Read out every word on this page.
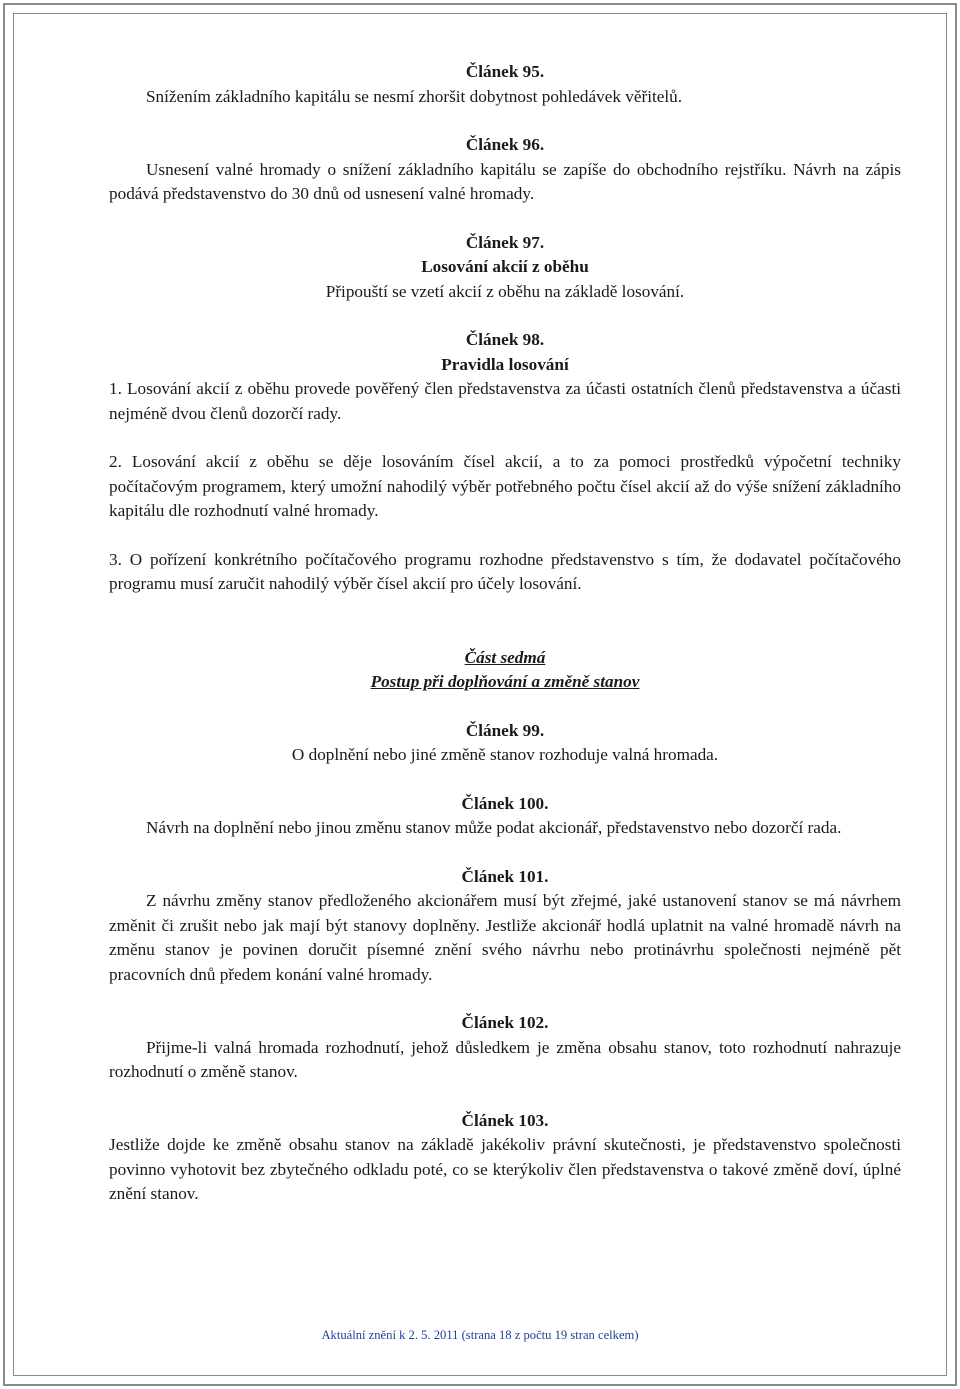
Článek 95.

Snížením základního kapitálu se nesmí zhoršit dobytnost pohledávek věřitelů.

Článek 96.

Usnesení valné hromady o snížení základního kapitálu se zapíše do obchodního rejstříku. Návrh na zápis podává představenstvo do 30 dnů od usnesení valné hromady.

Článek 97.
Losování akcií z oběhu
Připouští se vzetí akcií z oběhu na základě losování.
Článek 98.
Pravidla losování

1. Losování akcií z oběhu provede pověřený člen představenstva za účasti ostatních členů představenstva a účasti nejméně dvou členů dozorčí rady.

2. Losování akcií z oběhu se děje losováním čísel akcií, a to za pomoci prostředků výpočetní techniky počítačovým programem, který umožní nahodilý výběr potřebného počtu čísel akcií až do výše snížení základního kapitálu dle rozhodnutí valné hromady.

3. O pořízení konkrétního počítačového programu rozhodne představenstvo s tím, že dodavatel počítačového programu musí zaručit nahodilý výběr čísel akcií pro účely losování.

Část sedmá
Postup při doplňování a změně stanov
Článek 99.
O doplnění nebo jiné změně stanov rozhoduje valná hromada.
Článek 100.

Návrh na doplnění nebo jinou změnu stanov může podat akcionář, představenstvo nebo dozorčí rada.

Článek 101.

Z návrhu změny stanov předloženého akcionářem musí být zřejmé, jaké ustanovení stanov se má návrhem změnit či zrušit nebo jak mají být stanovy doplněny. Jestliže akcionář hodlá uplatnit na valné hromadě návrh na změnu stanov je povinen doručit písemné znění svého návrhu nebo protinávrhu společnosti nejméně pět pracovních dnů předem konání valné hromady.

Článek 102.

Přijme-li valná hromada rozhodnutí, jehož důsledkem je změna obsahu stanov, toto rozhodnutí nahrazuje rozhodnutí o změně stanov.

Článek 103.

Jestliže dojde ke změně obsahu stanov na základě jakékoliv právní skutečnosti, je představenstvo společnosti povinno vyhotovit bez zbytečného odkladu poté, co se kterýkoliv člen představenstva o takové změně doví, úplné znění stanov.

Aktuální znění k 2. 5. 2011 (strana 18 z počtu 19 stran celkem)
